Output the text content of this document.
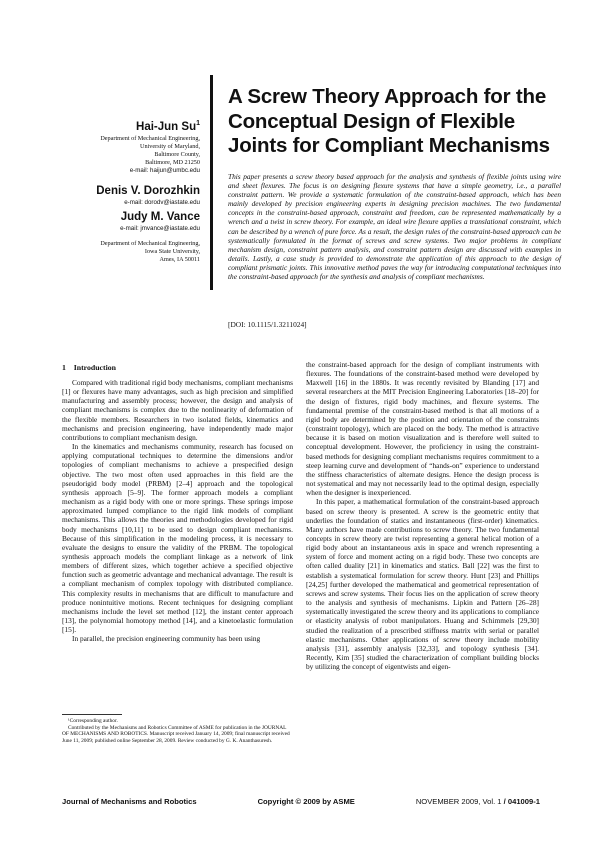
Hai-Jun Su$^1$

Department of Mechanical Engineering,

University of Maryland,

Baltimore County,

Baltimore, MD 21250

e-mail: haijun@umbc.edu

Denis V. Dorozhkin

e-mail: dorodv@iastate.edu

Judy M. Vance

e-mail: jmvance@iastate.edu

Department of Mechanical Engineering,

Iowa State University,

Ames, IA 50011

A Screw Theory Approach for the Conceptual Design of Flexible Joints for Compliant Mechanisms

This paper presents a screw theory based approach for the analysis and synthesis of flexible joints using wire and sheet flexures. The focus is on designing flexure systems that have a simple geometry, i.e., a parallel constraint pattern. We provide a systematic formulation of the constraint-based approach, which has been mainly developed by precision engineering experts in designing precision machines. The two fundamental concepts in the constraint-based approach, constraint and freedom, can be represented mathematically by a wrench and a twist in screw theory. For example, an ideal wire flexure applies a translational constraint, which can be described by a wrench of pure force. As a result, the design rules of the constraint-based approach can be systematically formulated in the format of screws and screw systems. Two major problems in compliant mechanism design, constraint pattern analysis, and constraint pattern design are discussed with examples in details. Lastly, a case study is provided to demonstrate the application of this approach to the design of compliant prismatic joints. This innovative method paves the way for introducing computational techniques into the constraint-based approach for the synthesis and analysis of compliant mechanisms.

[DOI: 10.1115/1.3211024]

1 Introduction

Compared with traditional rigid body mechanisms, compliant mechanisms [1] or flexures have many advantages, such as high precision and simplified manufacturing and assembly process; however, the design and analysis of compliant mechanisms is complex due to the nonlinearity of deformation of the flexible members. Researchers in two isolated fields, kinematics and mechanisms and precision engineering, have independently made major contributions to compliant mechanism design.

In the kinematics and mechanisms community, research has focused on applying computational techniques to determine the dimensions and/or topologies of compliant mechanisms to achieve a prespecified design objective. The two most often used approaches in this field are the pseudorigid body model (PRBM) [2–4] approach and the topological synthesis approach [5–9]. The former approach models a compliant mechanism as a rigid body with one or more springs. These springs impose approximated lumped compliance to the rigid link models of compliant mechanisms. This allows the theories and methodologies developed for rigid body mechanisms [10,11] to be used to design compliant mechanisms. Because of this simplification in the modeling process, it is necessary to evaluate the designs to ensure the validity of the PRBM. The topological synthesis approach models the compliant linkage as a network of link members of different sizes, which together achieve a specified objective function such as geometric advantage and mechanical advantage. The result is a compliant mechanism of complex topology with distributed compliance. This complexity results in mechanisms that are difficult to manufacture and produce nonintuitive motions. Recent techniques for designing compliant mechanisms include the level set method [12], the instant center approach [13], the polynomial homotopy method [14], and a kinetoelastic formulation [15].

In parallel, the precision engineering community has been using

the constraint-based approach for the design of compliant instruments with flexures. The foundations of the constraint-based method were developed by Maxwell [16] in the 1880s. It was recently revisited by Blanding [17] and several researchers at the MIT Precision Engineering Laboratories [18–20] for the design of fixtures, rigid body machines, and flexure systems. The fundamental premise of the constraint-based method is that all motions of a rigid body are determined by the position and orientation of the constraints (constraint topology), which are placed on the body. The method is attractive because it is based on motion visualization and is therefore well suited to conceptual development. However, the proficiency in using the constraint-based methods for designing compliant mechanisms requires commitment to a steep learning curve and development of “hands-on” experience to understand the stiffness characteristics of alternate designs. Hence the design process is not systematical and may not necessarily lead to the optimal design, especially when the designer is inexperienced.

In this paper, a mathematical formulation of the constraint-based approach based on screw theory is presented. A screw is the geometric entity that underlies the foundation of statics and instantaneous (first-order) kinematics. Many authors have made contributions to screw theory. The two fundamental concepts in screw theory are twist representing a general helical motion of a rigid body about an instantaneous axis in space and wrench representing a system of force and moment acting on a rigid body. These two concepts are often called duality [21] in kinematics and statics. Ball [22] was the first to establish a systematical formulation for screw theory. Hunt [23] and Phillips [24,25] further developed the mathematical and geometrical representation of screws and screw systems. Their focus lies on the application of screw theory to the analysis and synthesis of mechanisms. Lipkin and Pattern [26–28] systematically investigated the screw theory and its applications to compliance or elasticity analysis of robot manipulators. Huang and Schimmels [29,30] studied the realization of a prescribed stiffness matrix with serial or parallel elastic mechanisms. Other applications of screw theory include mobility analysis [31], assembly analysis [32,33], and topology synthesis [34]. Recently, Kim [35] studied the characterization of compliant building blocks by utilizing the concept of eigentwists and eigen-

¹Corresponding author.

Contributed by the Mechanisms and Robotics Committee of ASME for publication in the JOURNAL OF MECHANISMS AND ROBOTICS. Manuscript received January 14, 2009; final manuscript received June 11, 2009; published online September 28, 2009. Review conducted by G. K. Ananthasuresh.

Journal of Mechanisms and Robotics	Copyright © 2009 by ASME	NOVEMBER 2009, Vol. 1 / 041009-1
